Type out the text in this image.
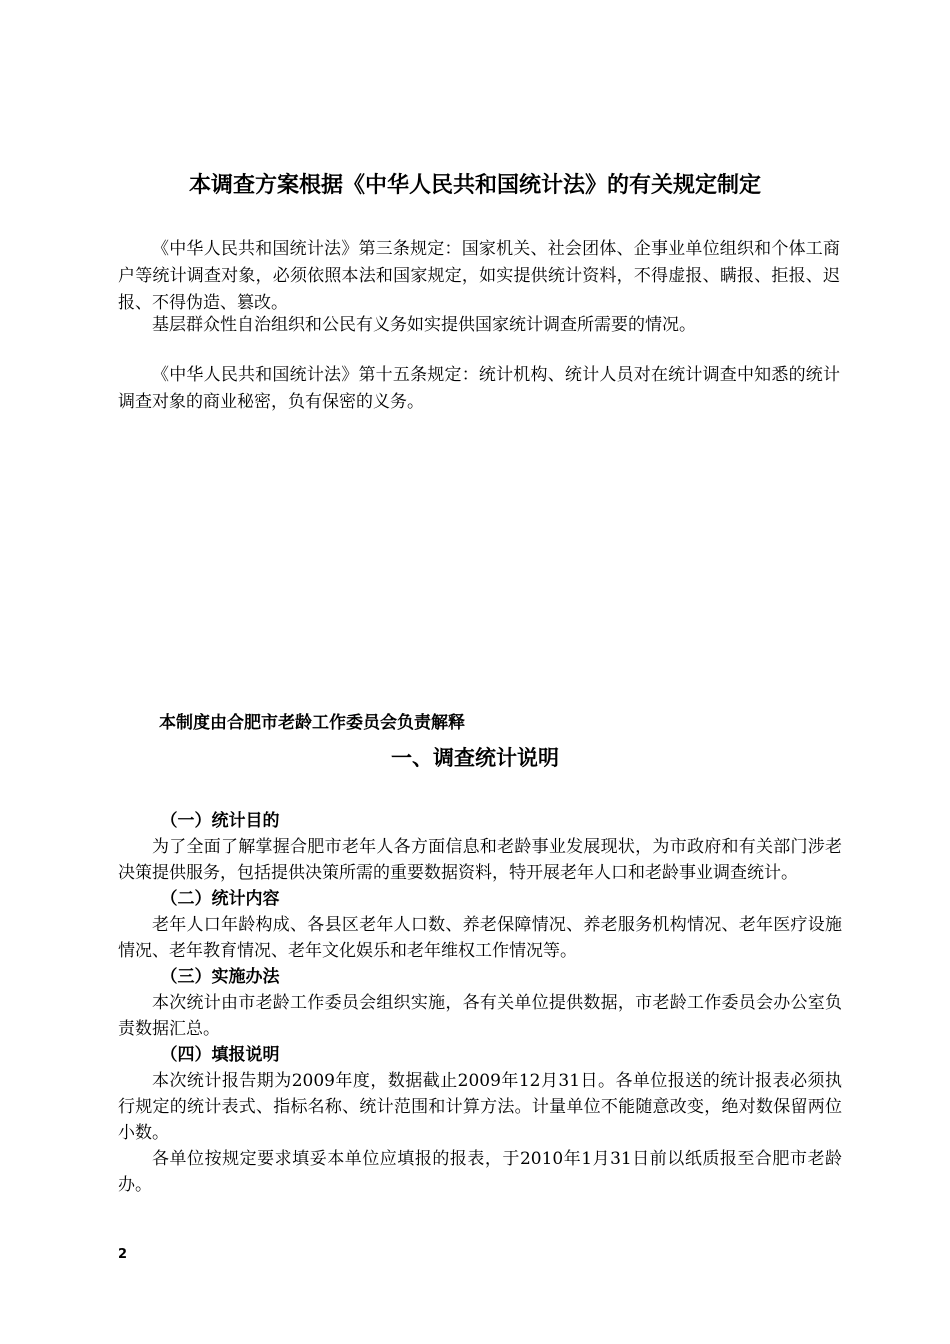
本调查方案根据《中华人民共和国统计法》的有关规定制定

《中华人民共和国统计法》第三条规定：国家机关、社会团体、企事业单位组织和个体工商户等统计调查对象，必须依照本法和国家规定，如实提供统计资料，不得虚报、瞒报、拒报、迟报、不得伪造、篡改。

基层群众性自治组织和公民有义务如实提供国家统计调查所需要的情况。

《中华人民共和国统计法》第十五条规定：统计机构、统计人员对在统计调查中知悉的统计调查对象的商业秘密，负有保密的义务。

本制度由合肥市老龄工作委员会负责解释
一、调查统计说明

（一）统计目的

为了全面了解掌握合肥市老年人各方面信息和老龄事业发展现状，为市政府和有关部门涉老决策提供服务，包括提供决策所需的重要数据资料，特开展老年人口和老龄事业调查统计。

（二）统计内容

老年人口年龄构成、各县区老年人口数、养老保障情况、养老服务机构情况、老年医疗设施情况、老年教育情况、老年文化娱乐和老年维权工作情况等。

（三）实施办法

本次统计由市老龄工作委员会组织实施，各有关单位提供数据，市老龄工作委员会办公室负责数据汇总。

（四）填报说明

本次统计报告期为2009年度，数据截止2009年12月31日。各单位报送的统计报表必须执行规定的统计表式、指标名称、统计范围和计算方法。计量单位不能随意改变，绝对数保留两位小数。

各单位按规定要求填妥本单位应填报的报表，于2010年1月31日前以纸质报至合肥市老龄办。

2
